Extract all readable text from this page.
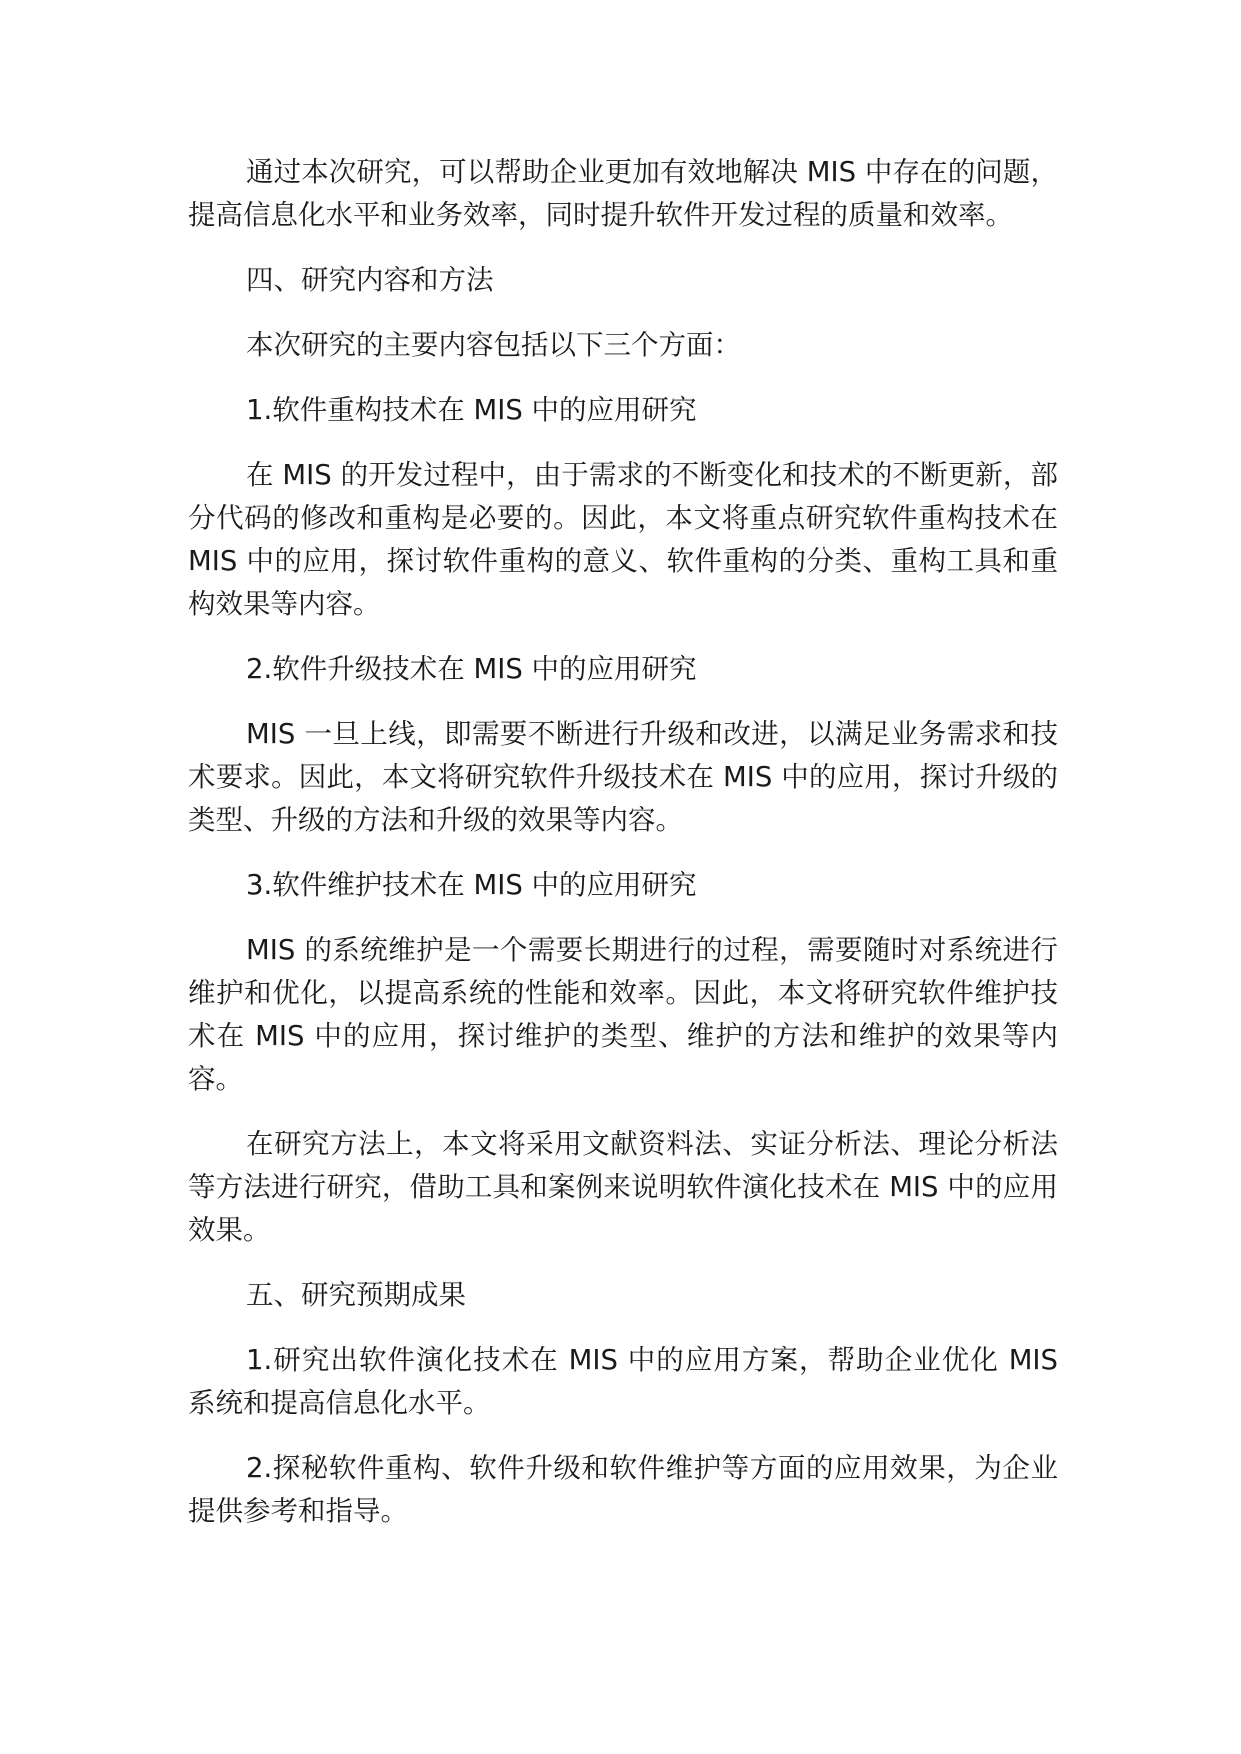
通过本次研究，可以帮助企业更加有效地解决 MIS 中存在的问题，提高信息化水平和业务效率，同时提升软件开发过程的质量和效率。

四、研究内容和方法

本次研究的主要内容包括以下三个方面：

1.软件重构技术在 MIS 中的应用研究

在 MIS 的开发过程中，由于需求的不断变化和技术的不断更新，部分代码的修改和重构是必要的。因此，本文将重点研究软件重构技术在 MIS 中的应用，探讨软件重构的意义、软件重构的分类、重构工具和重构效果等内容。

2.软件升级技术在 MIS 中的应用研究

MIS 一旦上线，即需要不断进行升级和改进，以满足业务需求和技术要求。因此，本文将研究软件升级技术在 MIS 中的应用，探讨升级的类型、升级的方法和升级的效果等内容。

3.软件维护技术在 MIS 中的应用研究

MIS 的系统维护是一个需要长期进行的过程，需要随时对系统进行维护和优化，以提高系统的性能和效率。因此，本文将研究软件维护技术在 MIS 中的应用，探讨维护的类型、维护的方法和维护的效果等内容。

在研究方法上，本文将采用文献资料法、实证分析法、理论分析法等方法进行研究，借助工具和案例来说明软件演化技术在 MIS 中的应用效果。

五、研究预期成果

1.研究出软件演化技术在 MIS 中的应用方案，帮助企业优化 MIS 系统和提高信息化水平。

2.探秘软件重构、软件升级和软件维护等方面的应用效果，为企业提供参考和指导。
